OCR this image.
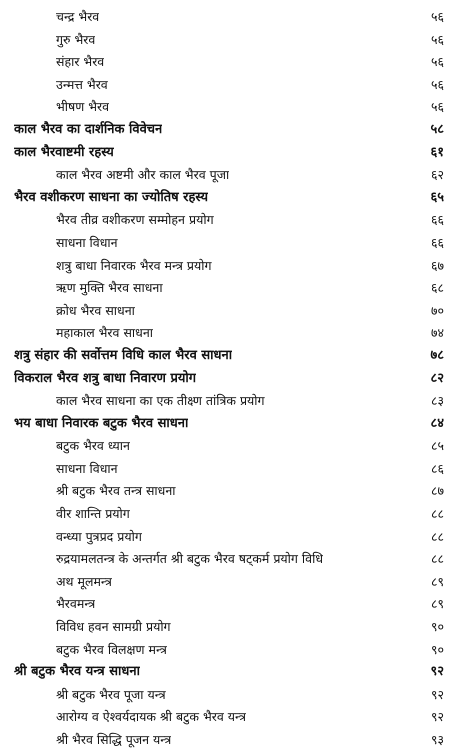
चन्द्र भैरव	५६
गुरु भैरव	५६
संहार भैरव	५६
उन्मत्त भैरव	५६
भीषण भैरव	५६
काल भैरव का दार्शनिक विवेचन	५८
काल भैरवाष्टमी रहस्य	६१
काल भैरव अष्टमी और काल भैरव पूजा	६२
भैरव वशीकरण साधना का ज्योतिष रहस्य	६५
भैरव तीव्र वशीकरण सम्मोहन प्रयोग	६६
साधना विधान	६६
शत्रु बाधा निवारक भैरव मन्त्र प्रयोग	६७
ऋण मुक्ति भैरव साधना	६८
क्रोध भैरव साधना	७०
महाकाल भैरव साधना	७४
शत्रु संहार की सर्वोत्तम विधि काल भैरव साधना	७८
विकराल भैरव शत्रु बाधा निवारण प्रयोग	८२
काल भैरव साधना का एक तीक्ष्ण तांत्रिक प्रयोग	८३
भय बाधा निवारक बटुक भैरव साधना	८४
बटुक भैरव ध्यान	८५
साधना विधान	८६
श्री बटुक भैरव तन्त्र साधना	८७
वीर शान्ति प्रयोग	८८
वन्ध्या पुत्रप्रद प्रयोग	८८
रुद्रयामलतन्त्र के अन्तर्गत श्री बटुक भैरव षट्कर्म प्रयोग विधि	८८
अथ मूलमन्त्र	८९
भैरवमन्त्र	८९
विविध हवन सामग्री प्रयोग	९०
बटुक भैरव विलक्षण मन्त्र	९०
श्री बटुक भैरव यन्त्र साधना	९२
श्री बटुक भैरव पूजा यन्त्र	९२
आरोग्य व ऐश्वर्यदायक श्री बटुक भैरव यन्त्र	९२
श्री भैरव सिद्धि पूजन यन्त्र	९३
